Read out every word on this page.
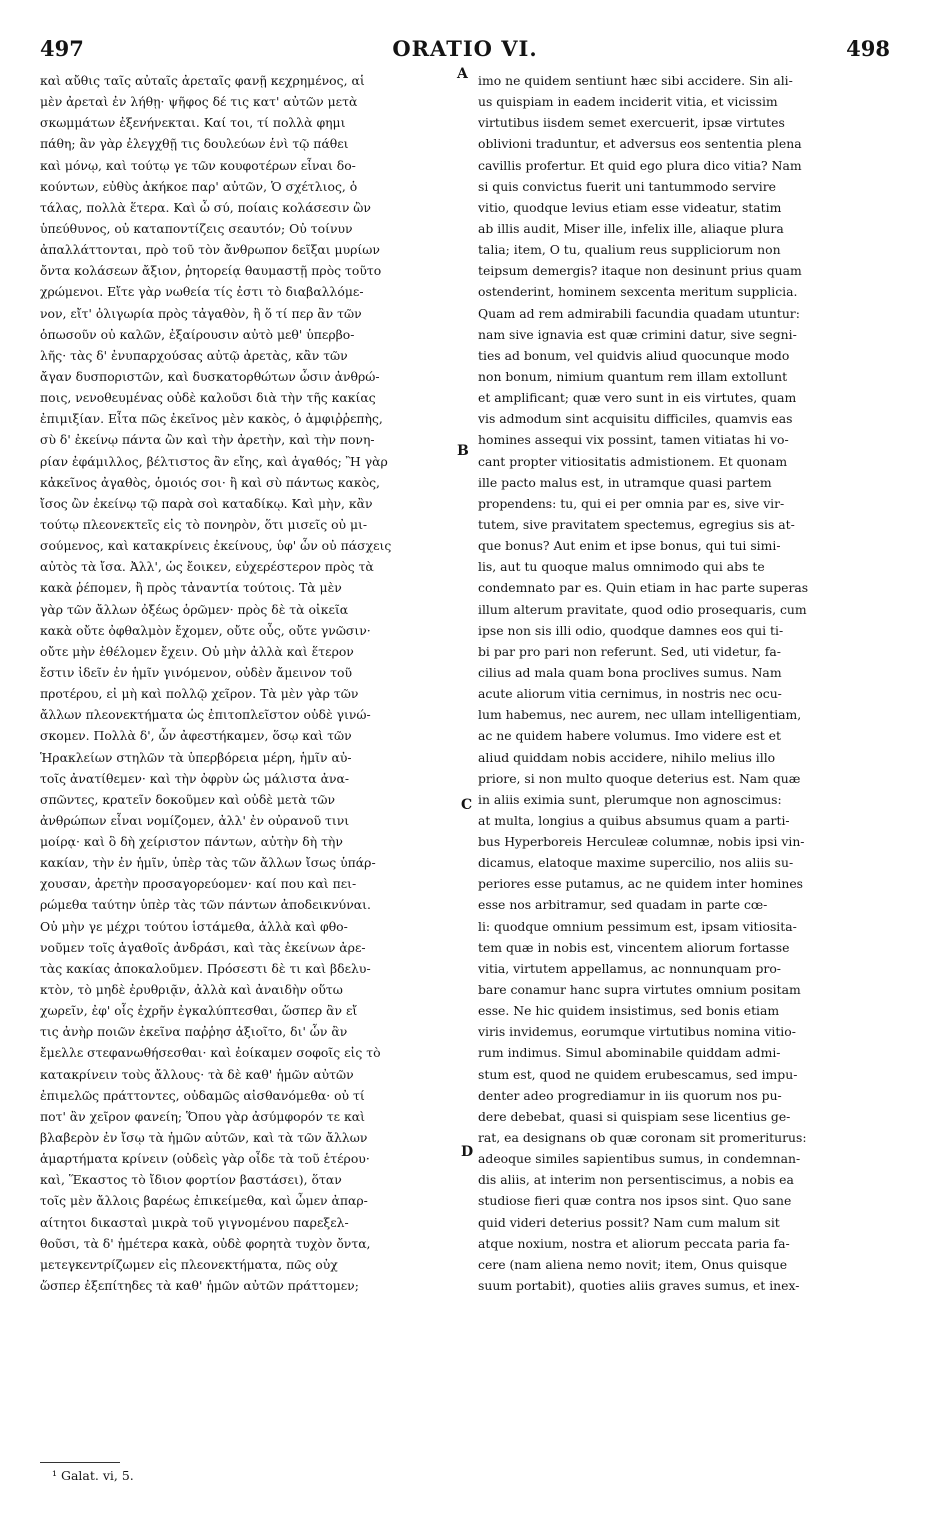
497	ORATIO VI.	498
καὶ αὔθις ταῖς αὐταῖς ἀρεταῖς φανῇ κεχρημένος, αἱ
μὲν ἀρεταὶ ἐν λήθῃ· ψῆφος δέ τις κατ' αὐτῶν μετὰ
σκωμμάτων ἐξενήνεκται. Καί τοι, τί πολλὰ φημι
πάθη; ἂν γὰρ ἐλεγχθῇ τις δουλεύων ἑνὶ τῷ πάθει
καὶ μόνῳ, καὶ τούτῳ γε τῶν κουφοτέρων εἶναι δο-
κούντων, εὐθὺς ἀκήκοε παρ' αὐτῶν, Ὁ σχέτλιος, ὁ
τάλας, πολλὰ ἕτερα. Καὶ ὦ σύ, ποίαις κολάσεσιν ὢν
ὑπεύθυνος, οὐ καταποντίζεις σεαυτόν; Οὐ τοίνυν
ἀπαλλάττονται, πρὸ τοῦ τὸν ἄνθρωπον δεῖξαι μυρίων
ὄντα κολάσεων ἄξιον, ῥητορείᾳ θαυμαστῇ πρὸς τοῦτο
χρώμενοι. Εἴτε γὰρ νωθεία τίς ἐστι τὸ διαβαλλόμε-
νον, εἴτ' ὀλιγωρία πρὸς τἀγαθὸν, ἢ ὅ τί περ ἂν τῶν
ὁπωσοῦν οὐ καλῶν, ἐξαίρουσιν αὐτὸ μεθ' ὑπερβο-
λῆς· τὰς δ' ἐνυπαρχούσας αὐτῷ ἀρετὰς, κἂν τῶν
ἄγαν δυσποριστῶν, καὶ δυσκατορθώτων ὦσιν ἀνθρώ-
ποις, νενοθευμένας οὐδὲ καλοῦσι διὰ τὴν τῆς κακίας
ἐπιμιξίαν. Εἶτα πῶς ἐκεῖνος μὲν κακὸς, ὁ ἀμφιῤῥεπὴς,
σὺ δ' ἐκείνῳ πάντα ὢν καὶ τὴν ἀρετὴν, καὶ τὴν πονη-
ρίαν ἐφάμιλλος, βέλτιστος ἂν εἴης, καὶ ἀγαθός; Ἢ γὰρ
κἀκεῖνος ἀγαθὸς, ὁμοιός σοι· ἢ καὶ σὺ πάντως κακὸς,
ἴσος ὢν ἐκείνῳ τῷ παρὰ σοὶ καταδίκῳ. Καὶ μὴν, κἂν
τούτῳ πλεονεκτεῖς εἰς τὸ πονηρὸν, ὅτι μισεῖς οὐ μι-
σούμενος, καὶ κατακρίνεις ἐκείνους, ὑφ' ὧν οὐ πάσχεις
αὐτὸς τὰ ἴσα. Ἀλλ', ὡς ἔοικεν, εὐχερέστερον πρὸς τὰ
κακὰ ῥέπομεν, ἢ πρὸς τἀναντία τούτοις. Τὰ μὲν
γὰρ τῶν ἄλλων ὀξέως ὁρῶμεν· πρὸς δὲ τὰ οἰκεῖα
κακὰ οὔτε ὀφθαλμὸν ἔχομεν, οὔτε οὖς, οὔτε γνῶσιν·
οὔτε μὴν ἐθέλομεν ἔχειν. Οὐ μὴν ἀλλὰ καὶ ἕτερον
ἔστιν ἰδεῖν ἐν ἡμῖν γινόμενον, οὐδὲν ἄμεινον τοῦ
προτέρου, εἰ μὴ καὶ πολλῷ χεῖρον. Τὰ μὲν γὰρ τῶν
ἄλλων πλεονεκτήματα ὡς ἐπιτοπλεῖστον οὐδὲ γινώ-
σκομεν. Πολλὰ δ', ὧν ἀφεστήκαμεν, ὅσῳ καὶ τῶν
Ἡρακλείων στηλῶν τὰ ὑπερβόρεια μέρη, ἡμῖν αὐ-
τοῖς ἀνατίθεμεν· καὶ τὴν ὀφρὺν ὡς μάλιστα ἀνα-
σπῶντες, κρατεῖν δοκοῦμεν καὶ οὐδὲ μετὰ τῶν
ἀνθρώπων εἶναι νομίζομεν, ἀλλ' ἐν οὐρανοῦ τινι
μοίρᾳ· καὶ ὃ δὴ χείριστον πάντων, αὐτὴν δὴ τὴν
κακίαν, τὴν ἐν ἡμῖν, ὑπὲρ τὰς τῶν ἄλλων ἴσως ὑπάρ-
χουσαν, ἀρετὴν προσαγορεύομεν· καί που καὶ πει-
ρώμεθα ταύτην ὑπὲρ τὰς τῶν πάντων ἀποδεικνύναι.
Οὐ μὴν γε μέχρι τούτου ἱστάμεθα, ἀλλὰ καὶ φθο-
νοῦμεν τοῖς ἀγαθοῖς ἀνδράσι, καὶ τὰς ἐκείνων ἀρε-
τὰς κακίας ἀποκαλοῦμεν. Πρόσεστι δὲ τι καὶ βδελυ-
κτὸν, τὸ μηδὲ ἐρυθριᾷν, ἀλλὰ καὶ ἀναιδὴν οὕτω
χωρεῖν, ἐφ' οἷς ἐχρῆν ἐγκαλύπτεσθαι, ὥσπερ ἂν εἴ
τις ἀνὴρ ποιῶν ἐκεῖνα παῤῥησ ἀξιοῖτο, δι' ὧν ἂν
ἔμελλε στεφανωθήσεσθαι· καὶ ἐοίκαμεν σοφοῖς εἰς τὸ
κατακρίνειν τοὺς ἄλλους· τὰ δὲ καθ' ἡμῶν αὐτῶν
ἐπιμελῶς πράττοντες, οὐδαμῶς αἰσθανόμεθα· οὐ τί
ποτ' ἂν χεῖρον φανείη; Ὅπου γὰρ ἀσύμφορόν τε καὶ
βλαβερὸν ἐν ἴσῳ τὰ ἡμῶν αὐτῶν, καὶ τὰ τῶν ἄλλων
ἁμαρτήματα κρίνειν (οὐδεὶς γὰρ οἶδε τὰ τοῦ ἑτέρου·
καὶ, Ἕκαστος τὸ ἴδιον φορτίον βαστάσει), ὅταν
τοῖς μὲν ἄλλοις βαρέως ἐπικείμεθα, καὶ ὦμεν ἀπαρ-
αίτητοι δικασταὶ μικρὰ τοῦ γιγνομένου παρεξελ-
θοῦσι, τὰ δ' ἡμέτερα κακὰ, οὐδὲ φορητὰ τυχὸν ὄντα,
μετεγκεντρίζωμεν εἰς πλεονεκτήματα, πῶς οὐχ
ὥσπερ ἐξεπίτηδες τὰ καθ' ἡμῶν αὐτῶν πράττομεν;
imo ne quidem sentiunt hæc sibi accidere. Sin ali-
us quispiam in eadem inciderit vitia, et vicissim
virtutibus iisdem semet exercuerit, ipsæ virtutes
oblivioni traduntur, et adversus eos sententia plena
cavillis profertur. Et quid ego plura dico vitia? Nam
si quis convictus fuerit uni tantummodo servire
vitio, quodque levius etiam esse videatur, statim
ab illis audit, Miser ille, infelix ille, aliaque plura
talia; item, O tu, qualium reus suppliciorum non
teipsum demergis? itaque non desinunt prius quam
ostenderint, hominem sexcenta meritum supplicia.
Quam ad rem admirabili facundia quadam utuntur:
nam sive ignavia est quæ crimini datur, sive segni-
ties ad bonum, vel quidvis aliud quocunque modo
non bonum, nimium quantum rem illam extollunt
et amplificant; quæ vero sunt in eis virtutes, quam
vis admodum sint acquisitu difficiles, quamvis eas
homines assequi vix possint, tamen vitiatas hi vo-
cant propter vitiositatis admistionem. Et quonam
ille pacto malus est, in utramque quasi partem
propendens: tu, qui ei per omnia par es, sive vir-
tutem, sive pravitatem spectemus, egregius sis at-
que bonus? Aut enim et ipse bonus, qui tui simi-
lis, aut tu quoque malus omnimodo qui abs te
condemnato par es. Quin etiam in hac parte superas
illum alterum pravitate, quod odio prosequaris, cum
ipse non sis illi odio, quodque damnes eos qui ti-
bi par pro pari non referunt. Sed, uti videtur, fa-
cilius ad mala quam bona proclives sumus. Nam
acute aliorum vitia cernimus, in nostris nec ocu-
lum habemus, nec aurem, nec ullam intelligentiam,
ac ne quidem habere volumus. Imo videre est et
aliud quiddam nobis accidere, nihilo melius illo
priore, si non multo quoque deterius est. Nam quæ
in aliis eximia sunt, plerumque non agnoscimus:
at multa, longius a quibus absumus quam a parti-
bus Hyperboreis Herculeæ columnæ, nobis ipsi vin-
dicamus, elatoque maxime supercilio, nos aliis su-
periores esse putamus, ac ne quidem inter homines
esse nos arbitramur, sed quadam in parte cœ-
li: quodque omnium pessimum est, ipsam vitiosita-
tem quæ in nobis est, vincentem aliorum fortasse
vitia, virtutem appellamus, ac nonnunquam pro-
bare conamur hanc supra virtutes omnium positam
esse. Ne hic quidem insistimus, sed bonis etiam
viris invidemus, eorumque virtutibus nomina vitio-
rum indimus. Simul abominabile quiddam admi-
stum est, quod ne quidem erubescamus, sed impu-
denter adeo progrediamur in iis quorum nos pu-
dere debebat, quasi si quispiam sese licentius ge-
rat, ea designans ob quæ coronam sit promeriturus:
adeoque similes sapientibus sumus, in condemnan-
dis aliis, at interim non persentiscimus, a nobis ea
studiose fieri quæ contra nos ipsos sint. Quo sane
quid videri deterius possit? Nam cum malum sit
atque noxium, nostra et aliorum peccata paria fa-
cere (nam aliena nemo novit; item, Onus quisque
suum portabit), quoties aliis graves sumus, et inex-
A
B
C
D
¹ Galat. vi, 5.
